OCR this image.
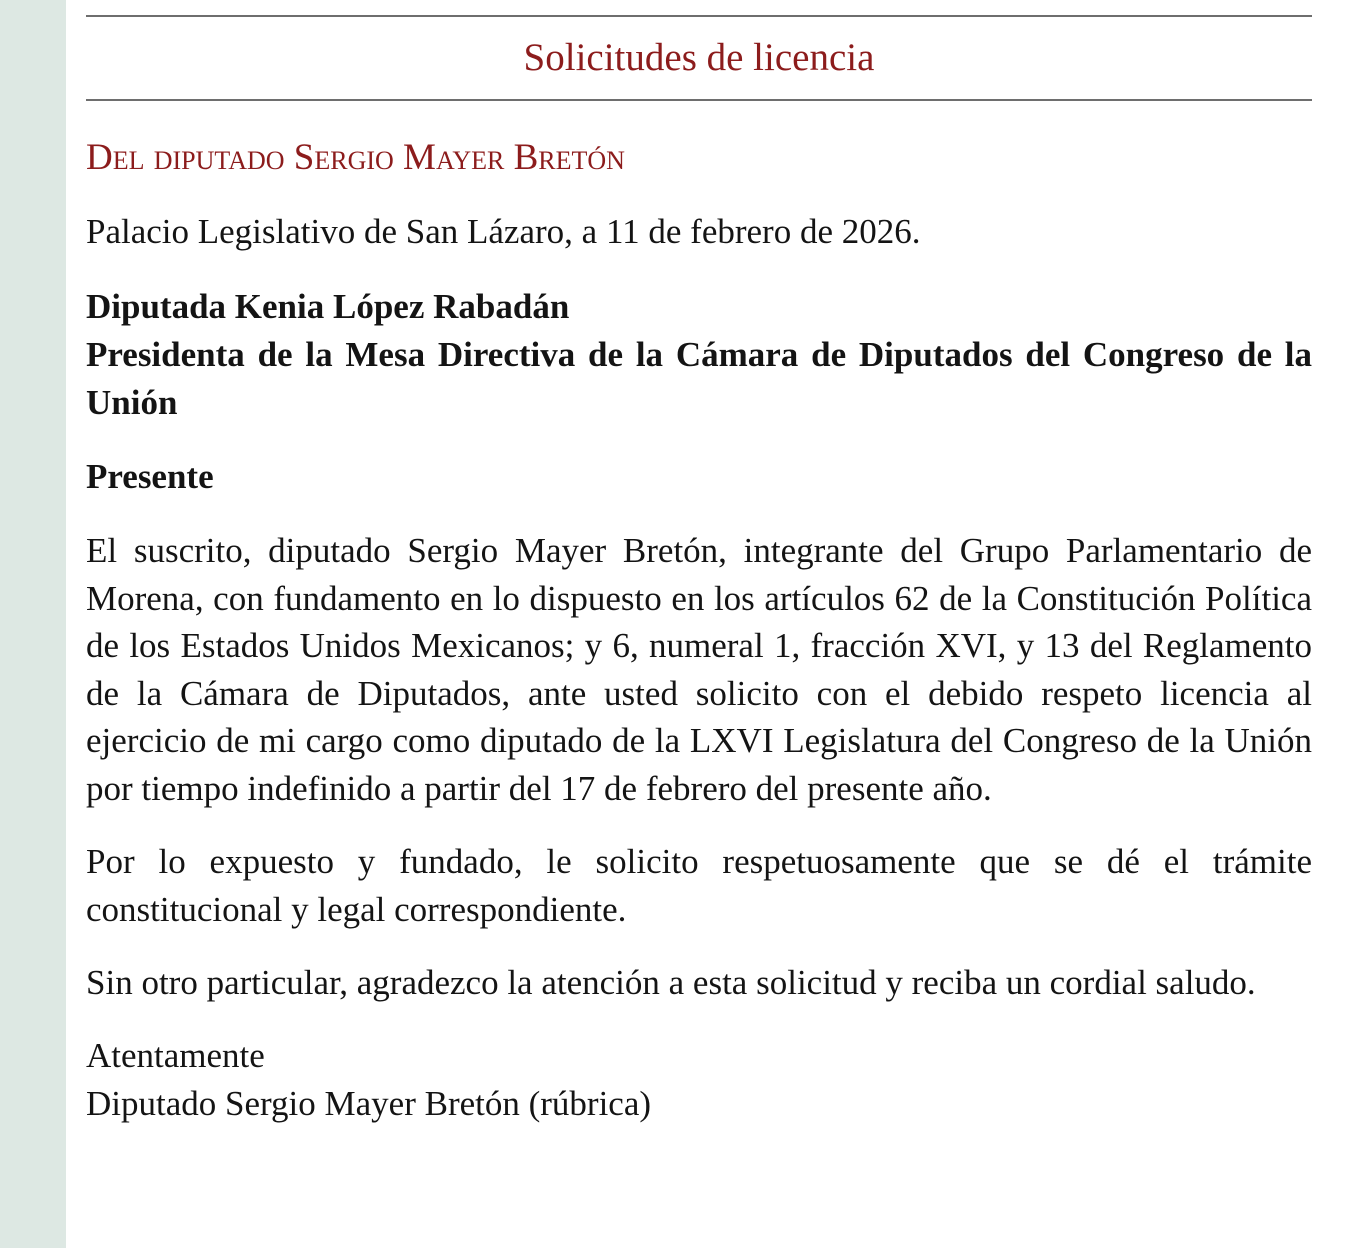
Solicitudes de licencia
Del diputado Sergio Mayer Bretón
Palacio Legislativo de San Lázaro, a 11 de febrero de 2026.
Diputada Kenia López Rabadán
Presidenta de la Mesa Directiva de la Cámara de Diputados del Congreso de la Unión
Presente

El suscrito, diputado Sergio Mayer Bretón, integrante del Grupo Parlamentario de Morena, con fundamento en lo dispuesto en los artículos 62 de la Constitución Política de los Estados Unidos Mexicanos; y 6, numeral 1, fracción XVI, y 13 del Reglamento de la Cámara de Diputados, ante usted solicito con el debido respeto licencia al ejercicio de mi cargo como diputado de la LXVI Legislatura del Congreso de la Unión por tiempo indefinido a partir del 17 de febrero del presente año.

Por lo expuesto y fundado, le solicito respetuosamente que se dé el trámite constitucional y legal correspondiente.

Sin otro particular, agradezco la atención a esta solicitud y reciba un cordial saludo.

Atentamente
Diputado Sergio Mayer Bretón (rúbrica)
